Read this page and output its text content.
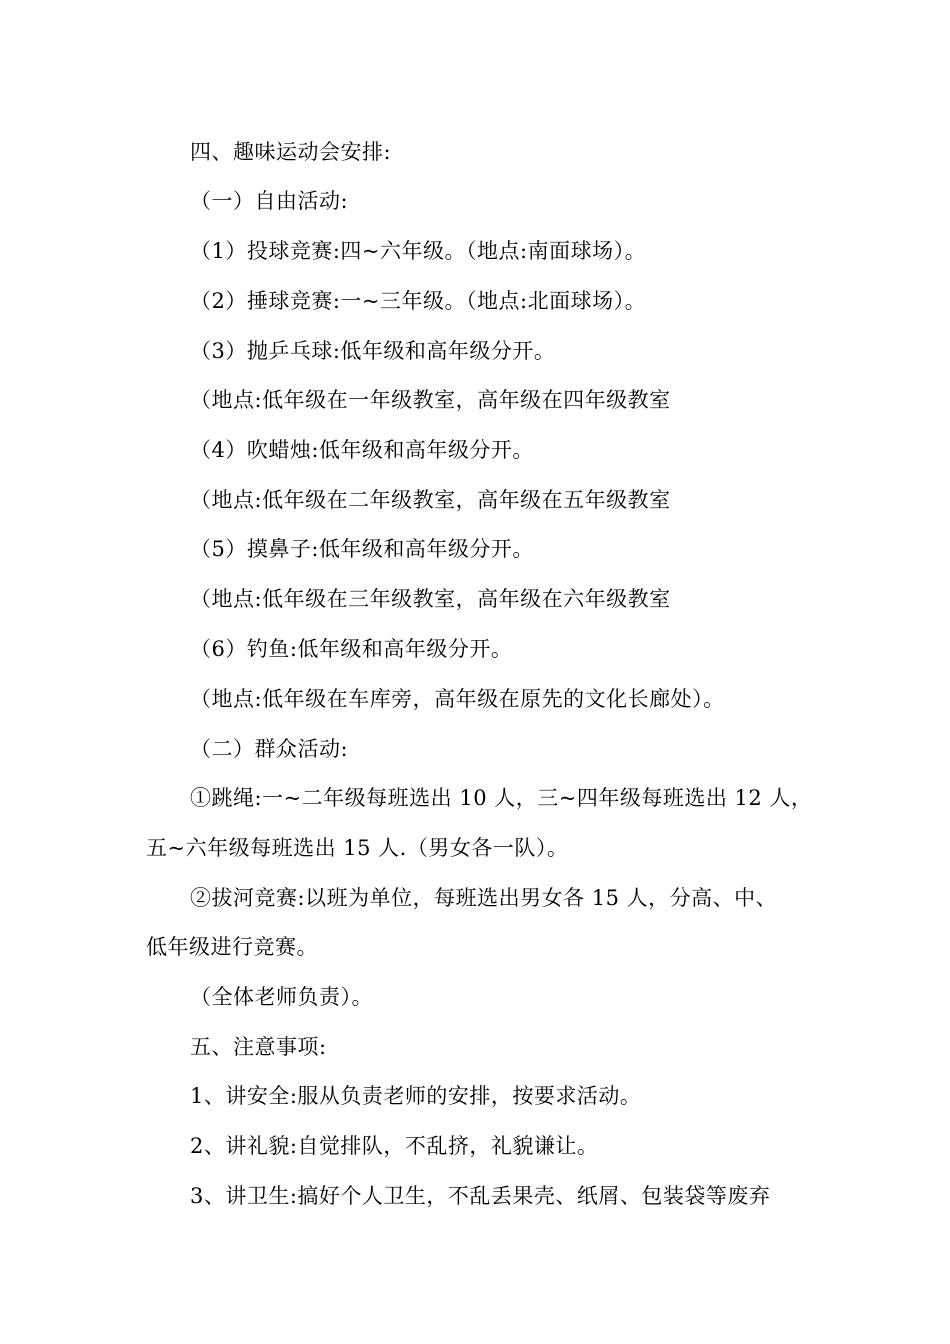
四、趣味运动会安排:
（一）自由活动:
（1）投球竞赛:四~六年级。（地点:南面球场）。
（2）捶球竞赛:一~三年级。（地点:北面球场）。
（3）抛乒乓球:低年级和高年级分开。
（地点:低年级在一年级教室，高年级在四年级教室
（4）吹蜡烛:低年级和高年级分开。
（地点:低年级在二年级教室，高年级在五年级教室
（5）摸鼻子:低年级和高年级分开。
（地点:低年级在三年级教室，高年级在六年级教室
（6）钓鱼:低年级和高年级分开。
（地点:低年级在车库旁，高年级在原先的文化长廊处）。
（二）群众活动:
①跳绳:一~二年级每班选出 10 人，三~四年级每班选出 12 人，
五~六年级每班选出 15 人.（男女各一队）。
②拔河竞赛:以班为单位，每班选出男女各 15 人，分高、中、
低年级进行竞赛。
（全体老师负责）。
五、注意事项:
1、讲安全:服从负责老师的安排，按要求活动。
2、讲礼貌:自觉排队，不乱挤，礼貌谦让。
3、讲卫生:搞好个人卫生，不乱丢果壳、纸屑、包装袋等废弃
